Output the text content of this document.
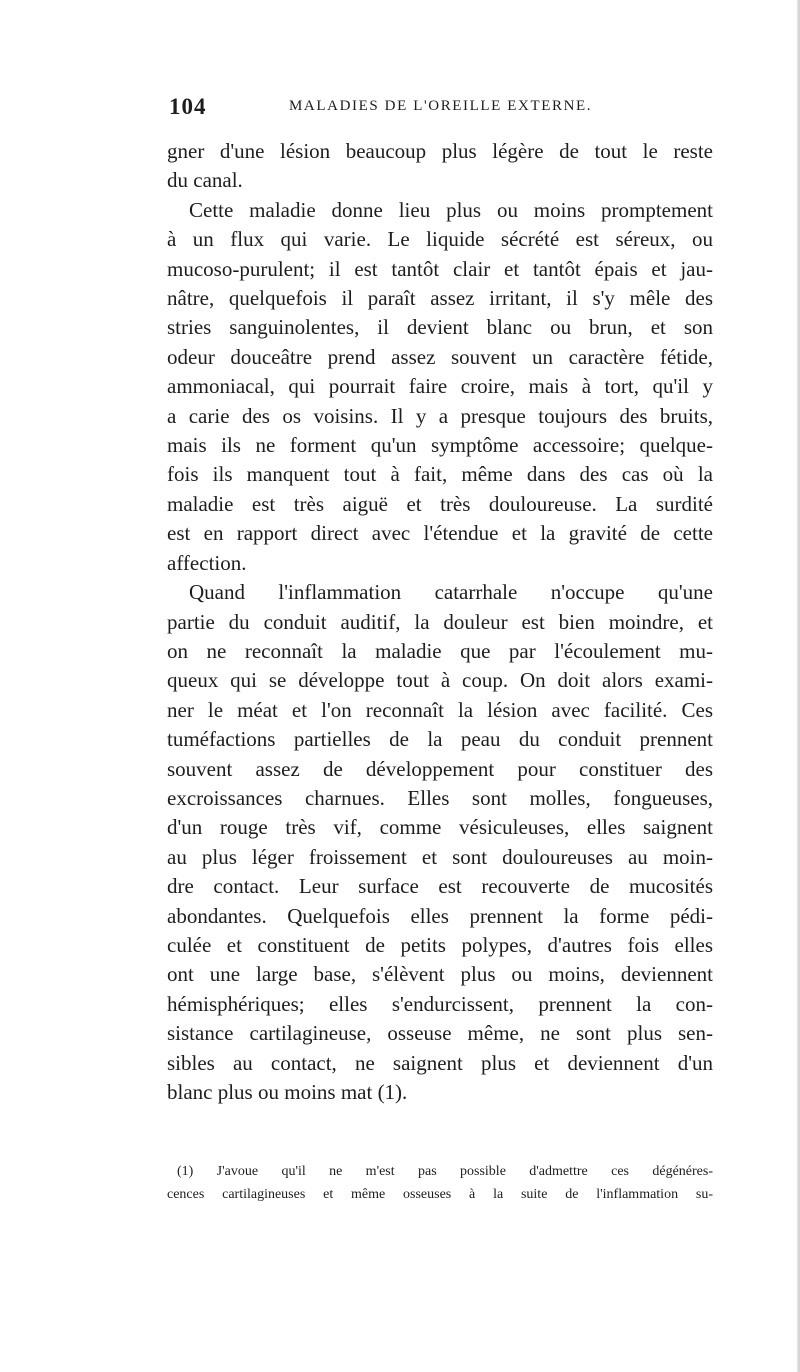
104	MALADIES DE L'OREILLE EXTERNE.
gner d'une lésion beaucoup plus légère de tout le reste
du canal.
Cette maladie donne lieu plus ou moins promptement
à un flux qui varie. Le liquide sécrété est séreux, ou
mucoso-purulent; il est tantôt clair et tantôt épais et jau-
nâtre, quelquefois il paraît assez irritant, il s'y mêle des
stries sanguinolentes, il devient blanc ou brun, et son
odeur douceâtre prend assez souvent un caractère fétide,
ammoniacal, qui pourrait faire croire, mais à tort, qu'il y
a carie des os voisins. Il y a presque toujours des bruits,
mais ils ne forment qu'un symptôme accessoire; quelque-
fois ils manquent tout à fait, même dans des cas où la
maladie est très aiguë et très douloureuse. La surdité
est en rapport direct avec l'étendue et la gravité de cette
affection.
Quand l'inflammation catarrhale n'occupe qu'une
partie du conduit auditif, la douleur est bien moindre, et
on ne reconnaît la maladie que par l'écoulement mu-
queux qui se développe tout à coup. On doit alors exami-
ner le méat et l'on reconnaît la lésion avec facilité. Ces
tuméfactions partielles de la peau du conduit prennent
souvent assez de développement pour constituer des
excroissances charnues. Elles sont molles, fongueuses,
d'un rouge très vif, comme vésiculeuses, elles saignent
au plus léger froissement et sont douloureuses au moin-
dre contact. Leur surface est recouverte de mucosités
abondantes. Quelquefois elles prennent la forme pédi-
culée et constituent de petits polypes, d'autres fois elles
ont une large base, s'élèvent plus ou moins, deviennent
hémisphériques; elles s'endurcissent, prennent la con-
sistance cartilagineuse, osseuse même, ne sont plus sen-
sibles au contact, ne saignent plus et deviennent d'un
blanc plus ou moins mat (1).
(1) J'avoue qu'il ne m'est pas possible d'admettre ces dégénéres-
cences cartilagineuses et même osseuses à la suite de l'inflammation su-
